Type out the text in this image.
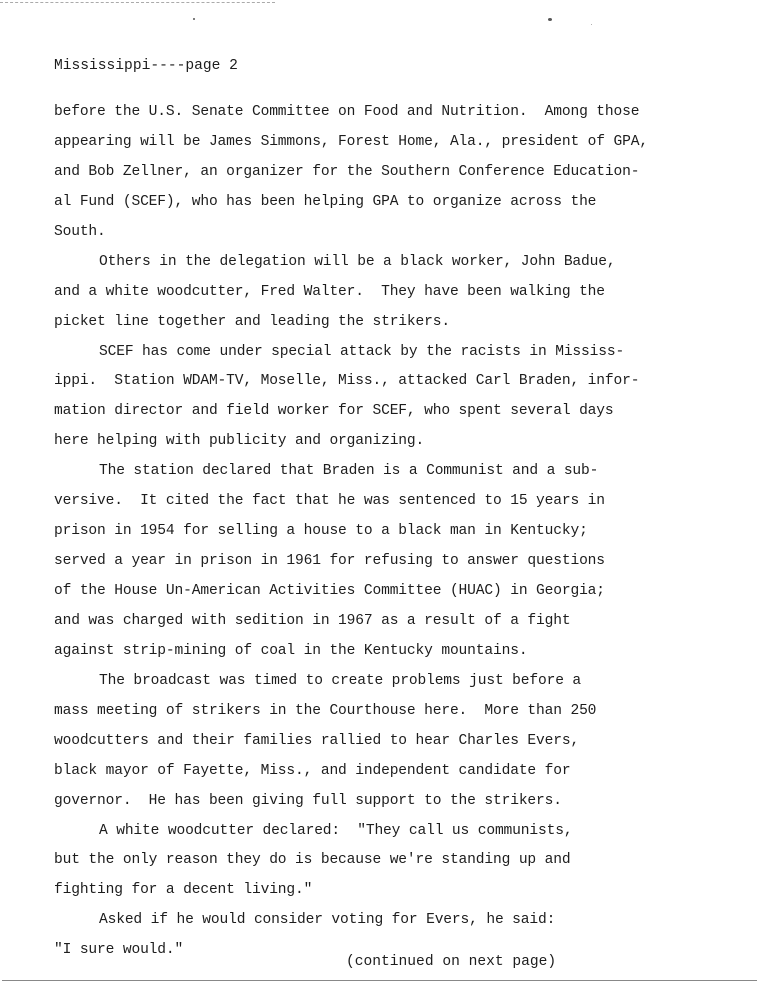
Mississippi----page 2
before the U.S. Senate Committee on Food and Nutrition.  Among those
appearing will be James Simmons, Forest Home, Ala., president of GPA,
and Bob Zellner, an organizer for the Southern Conference Education-
al Fund (SCEF), who has been helping GPA to organize across the
South.
Others in the delegation will be a black worker, John Badue,
and a white woodcutter, Fred Walter.  They have been walking the
picket line together and leading the strikers.
SCEF has come under special attack by the racists in Mississ-
ippi.  Station WDAM-TV, Moselle, Miss., attacked Carl Braden, infor-
mation director and field worker for SCEF, who spent several days
here helping with publicity and organizing.
The station declared that Braden is a Communist and a sub-
versive.  It cited the fact that he was sentenced to 15 years in
prison in 1954 for selling a house to a black man in Kentucky;
served a year in prison in 1961 for refusing to answer questions
of the House Un-American Activities Committee (HUAC) in Georgia;
and was charged with sedition in 1967 as a result of a fight
against strip-mining of coal in the Kentucky mountains.
The broadcast was timed to create problems just before a
mass meeting of strikers in the Courthouse here.  More than 250
woodcutters and their families rallied to hear Charles Evers,
black mayor of Fayette, Miss., and independent candidate for
governor.  He has been giving full support to the strikers.
A white woodcutter declared:  "They call us communists,
but the only reason they do is because we're standing up and
fighting for a decent living."
Asked if he would consider voting for Evers, he said:
"I sure would."
(continued on next page)
